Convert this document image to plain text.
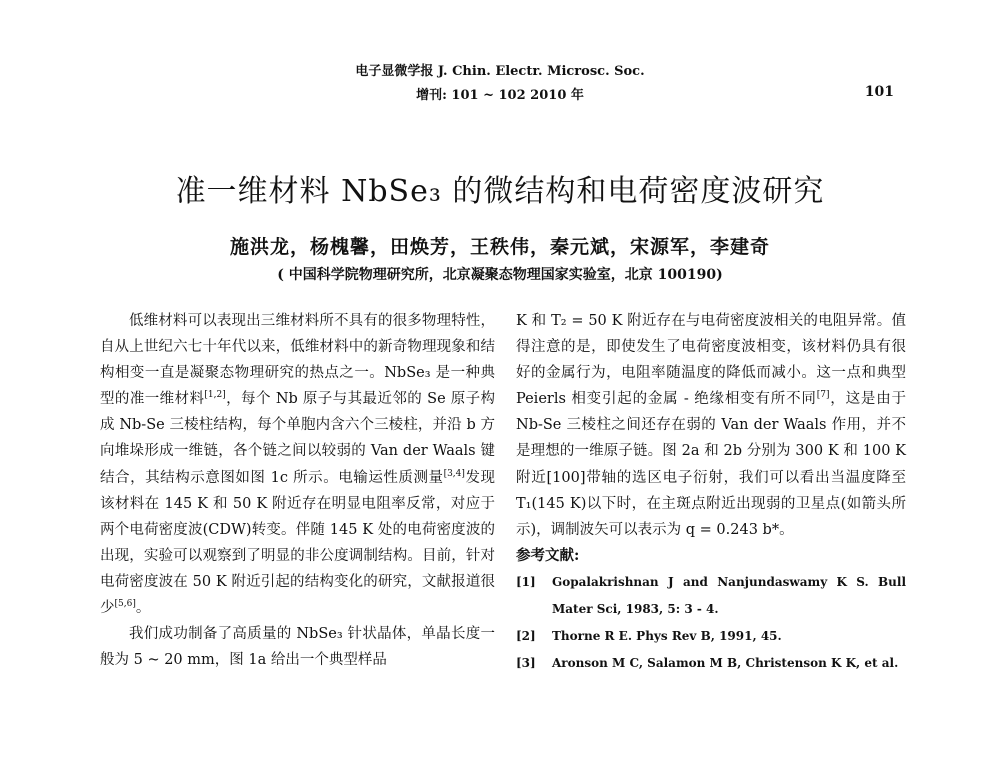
电子显微学报 J. Chin. Electr. Microsc. Soc.
增刊: 101 ~ 102 2010 年	101
准一维材料 NbSe₃ 的微结构和电荷密度波研究
施洪龙，杨槐馨，田焕芳，王秩伟，秦元斌，宋源军，李建奇
( 中国科学院物理研究所，北京凝聚态物理国家实验室，北京 100190)

低维材料可以表现出三维材料所不具有的很多物理特性，自从上世纪六七十年代以来，低维材料中的新奇物理现象和结构相变一直是凝聚态物理研究的热点之一。NbSe₃ 是一种典型的准一维材料[1,2]，每个 Nb 原子与其最近邻的 Se 原子构成 Nb-Se 三棱柱结构，每个单胞内含六个三棱柱，并沿 b 方向堆垛形成一维链，各个链之间以较弱的 Van der Waals 键结合，其结构示意图如图 1c 所示。电输运性质测量[3,4]发现该材料在 145 K 和 50 K 附近存在明显电阻率反常，对应于两个电荷密度波(CDW)转变。伴随 145 K 处的电荷密度波的出现，实验可以观察到了明显的非公度调制结构。目前，针对电荷密度波在 50 K 附近引起的结构变化的研究，文献报道很少[5,6]。

我们成功制备了高质量的 NbSe₃ 针状晶体，单晶长度一般为 5 ~ 20 mm，图 1a 给出一个典型样品

K 和 T₂ = 50 K 附近存在与电荷密度波相关的电阻异常。值得注意的是，即使发生了电荷密度波相变，该材料仍具有很好的金属行为，电阻率随温度的降低而减小。这一点和典型 Peierls 相变引起的金属 - 绝缘相变有所不同[7]，这是由于 Nb-Se 三棱柱之间还存在弱的 Van der Waals 作用，并不是理想的一维原子链。图 2a 和 2b 分别为 300 K 和 100 K 附近[100]带轴的选区电子衍射，我们可以看出当温度降至 T₁(145 K)以下时，在主斑点附近出现弱的卫星点(如箭头所示)，调制波矢可以表示为 q = 0.243 b*。

参考文献:

[1]	Gopalakrishnan J and Nanjundaswamy K S. Bull Mater Sci, 1983, 5: 3 - 4.
[2]	Thorne R E. Phys Rev B, 1991, 45.
[3]	Aronson M C, Salamon M B, Christenson K K, et al.
